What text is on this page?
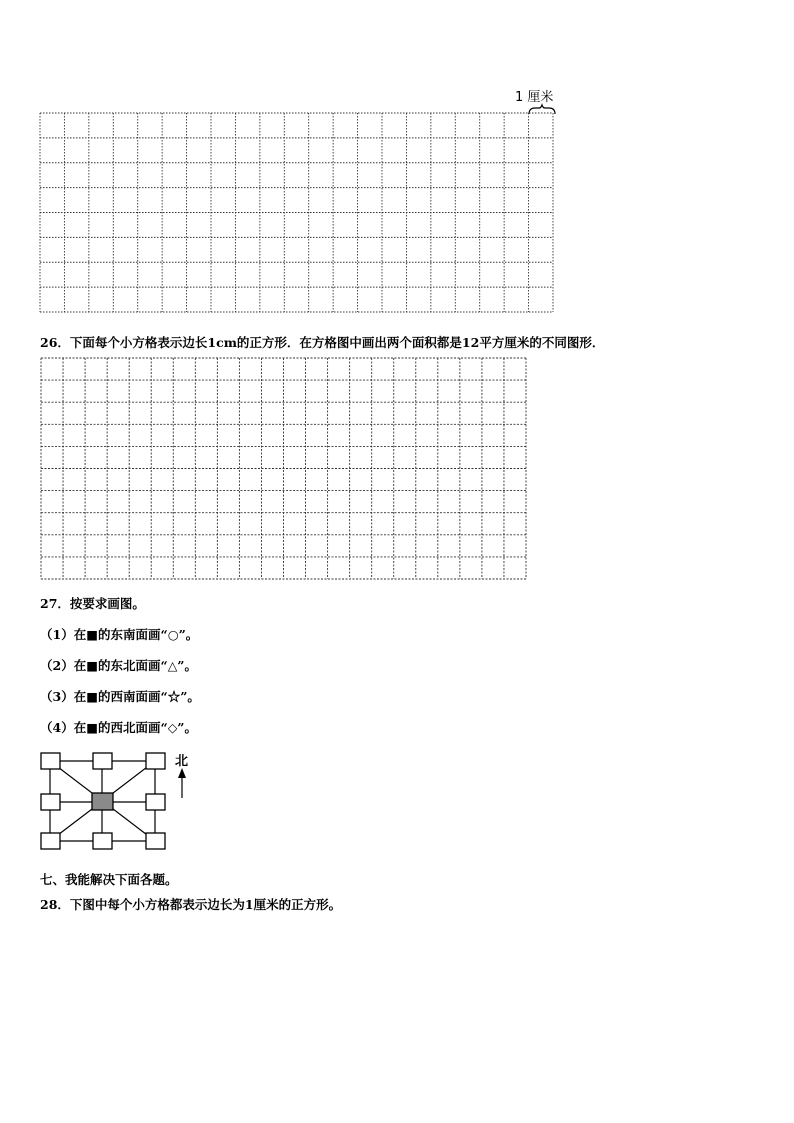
1 厘米
26．下面每个小方格表示边长1cm的正方形．在方格图中画出两个面积都是12平方厘米的不同图形．
27．按要求画图。
（1）在■的东南面画“○”。
（2）在■的东北面画“△”。
（3）在■的西南面画“☆”。
（4）在■的西北面画“◇”。
北
七、我能解决下面各题。
28．下图中每个小方格都表示边长为1厘米的正方形。
